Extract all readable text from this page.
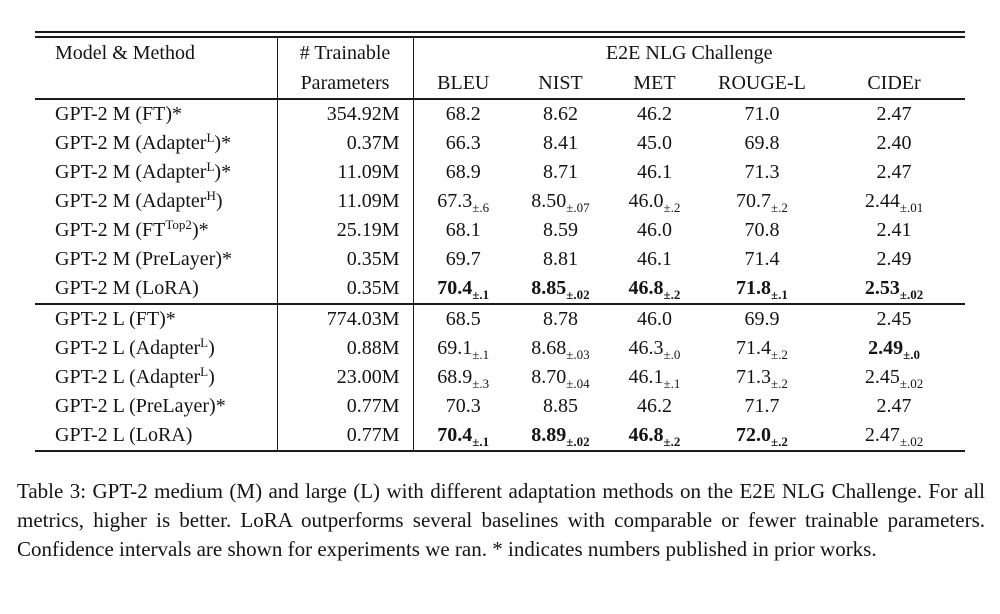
Model & Method	# Trainable	E2E NLG Challenge				
	Parameters	BLEU	NIST	MET	ROUGE-L	CIDEr
GPT-2 M (FT)*	354.92M	68.2	8.62	46.2	71.0	2.47
GPT-2 M (Adapter$^L$)*	0.37M	66.3	8.41	45.0	69.8	2.40
GPT-2 M (Adapter$^L$)*	11.09M	68.9	8.71	46.1	71.3	2.47
GPT-2 M (Adapter$^H$)	11.09M	$67.3_{\pm.6}$	$8.50_{\pm.07}$	$46.0_{\pm.2}$	$70.7_{\pm.2}$	$2.44_{\pm.01}$
GPT-2 M $(FT^{Top2})*$	25.19M	68.1	8.59	46.0	70.8	2.41
GPT-2 M (PreLayer)*	0.35M	69.7	8.81	46.1	71.4	2.49
GPT-2 M (LoRA)	0.35M	$70.4_{\pm.1}$	$8.85_{\pm.02}$	$46.8_{\pm.2}$	$71.8_{\pm.1}$	$2.53_{\pm.02}$
GPT-2 L (FT)*	774.03M	68.5	8.78	46.0	69.9	2.45
GPT-2 L (Adapter$^L$)	0.88M	$69.1_{\pm.1}$	$8.68_{\pm.03}$	$46.3_{\pm.0}$	$71.4_{\pm.2}$	$2.49_{\pm.0}$
GPT-2 L (Adapter$^L$)	23.00M	$68.9_{\pm.3}$	$8.70_{\pm.04}$	$46.1_{\pm.1}$	$71.3_{\pm.2}$	$2.45_{\pm.02}$
GPT-2 L (PreLayer)*	0.77M	70.3	8.85	46.2	71.7	2.47
GPT-2 L (LoRA)	0.77M	$70.4_{\pm.1}$	$8.89_{\pm.02}$	$46.8_{\pm.2}$	$72.0_{\pm.2}$	$2.47_{\pm.02}$

Table 3: GPT-2 medium (M) and large (L) with different adaptation methods on the E2E NLG Challenge. For all metrics, higher is better. LoRA outperforms several baselines with comparable or fewer trainable parameters. Confidence intervals are shown for experiments we ran. * indicates numbers published in prior works.
